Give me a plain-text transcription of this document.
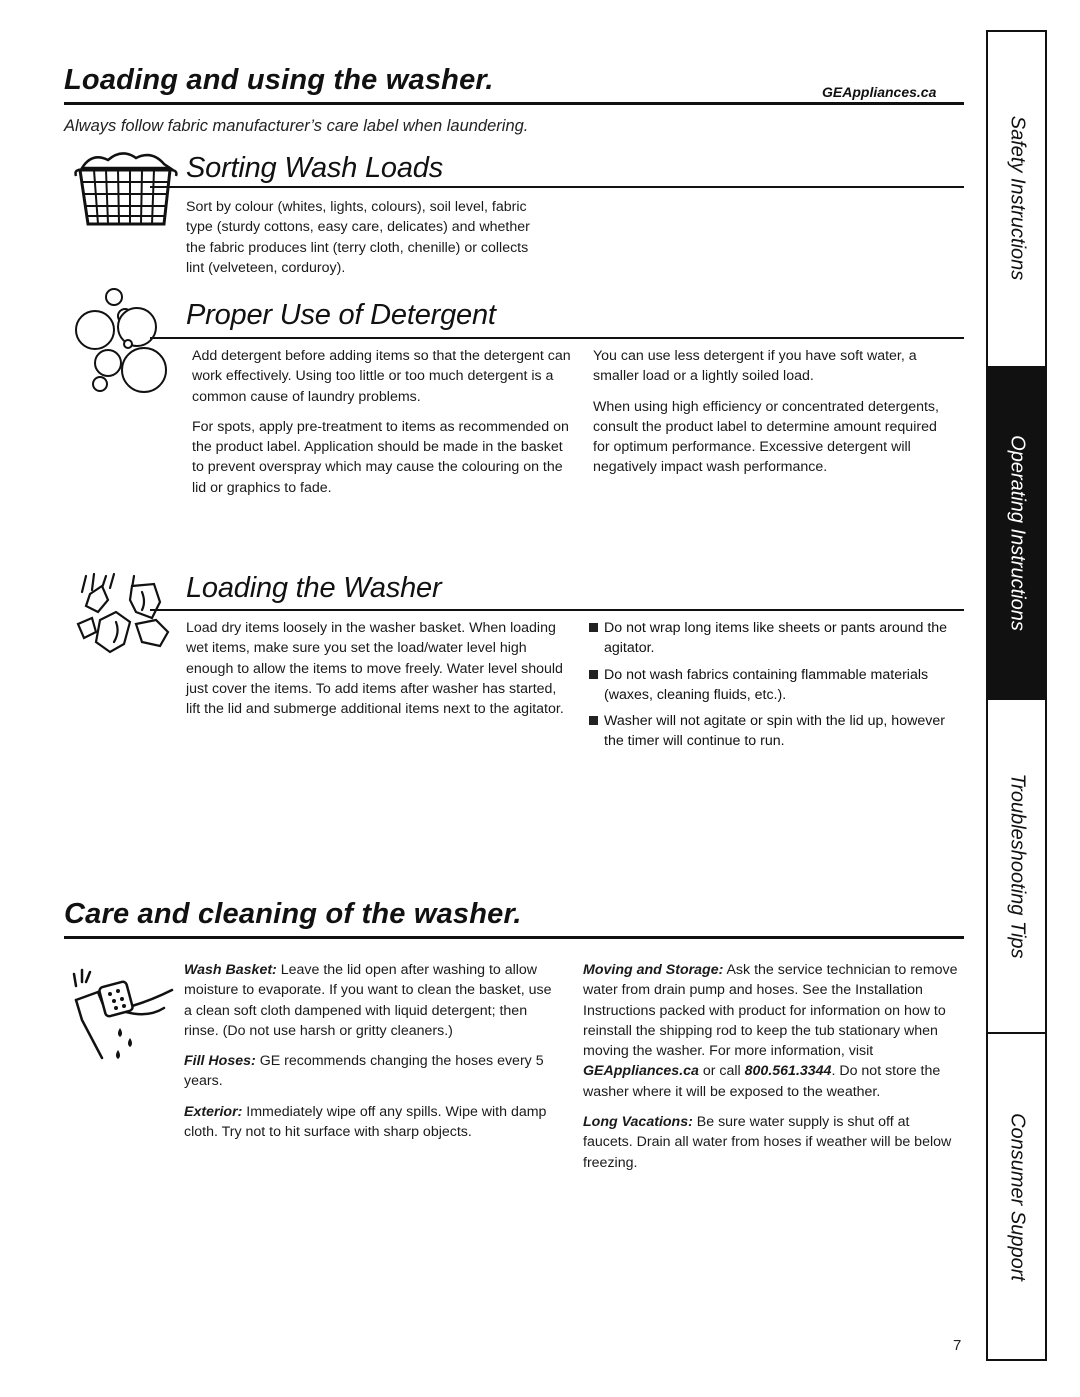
Loading and using the washer.	GEAppliances.ca
Always follow fabric manufacturer’s care label when laundering.
Sorting Wash Loads

Sort by colour (whites, lights, colours), soil level, fabric type (sturdy cottons, easy care, delicates) and whether the fabric produces lint (terry cloth, chenille) or collects lint (velveteen, corduroy).

Proper Use of Detergent

Add detergent before adding items so that the detergent can work effectively. Using too little or too much detergent is a common cause of laundry problems.

For spots, apply pre-treatment to items as recommended on the product label. Application should be made in the basket to prevent overspray which may cause the colouring on the lid or graphics to fade.

You can use less detergent if you have soft water, a smaller load or a lightly soiled load.

When using high efficiency or concentrated detergents, consult the product label to determine amount required for optimum performance. Excessive detergent will negatively impact wash performance.

Loading the Washer

Load dry items loosely in the washer basket. When loading wet items, make sure you set the load/water level high enough to allow the items to move freely. Water level should just cover the items. To add items after washer has started, lift the lid and submerge additional items next to the agitator.

Do not wrap long items like sheets or pants around the agitator.
Do not wash fabrics containing flammable materials (waxes, cleaning fluids, etc.).
Washer will not agitate or spin with the lid up, however the timer will continue to run.
Care and cleaning of the washer.

Wash Basket: Leave the lid open after washing to allow moisture to evaporate. If you want to clean the basket, use a clean soft cloth dampened with liquid detergent; then rinse. (Do not use harsh or gritty cleaners.)

Fill Hoses: GE recommends changing the hoses every 5 years.

Exterior: Immediately wipe off any spills. Wipe with damp cloth. Try not to hit surface with sharp objects.

Moving and Storage: Ask the service technician to remove water from drain pump and hoses. See the Installation Instructions packed with product for information on how to reinstall the shipping rod to keep the tub stationary when moving the washer. For more information, visit GEAppliances.ca or call 800.561.3344. Do not store the washer where it will be exposed to the weather.

Long Vacations: Be sure water supply is shut off at faucets. Drain all water from hoses if weather will be below freezing.

Safety Instructions
Operating Instructions
Troubleshooting Tips
Consumer Support
7
